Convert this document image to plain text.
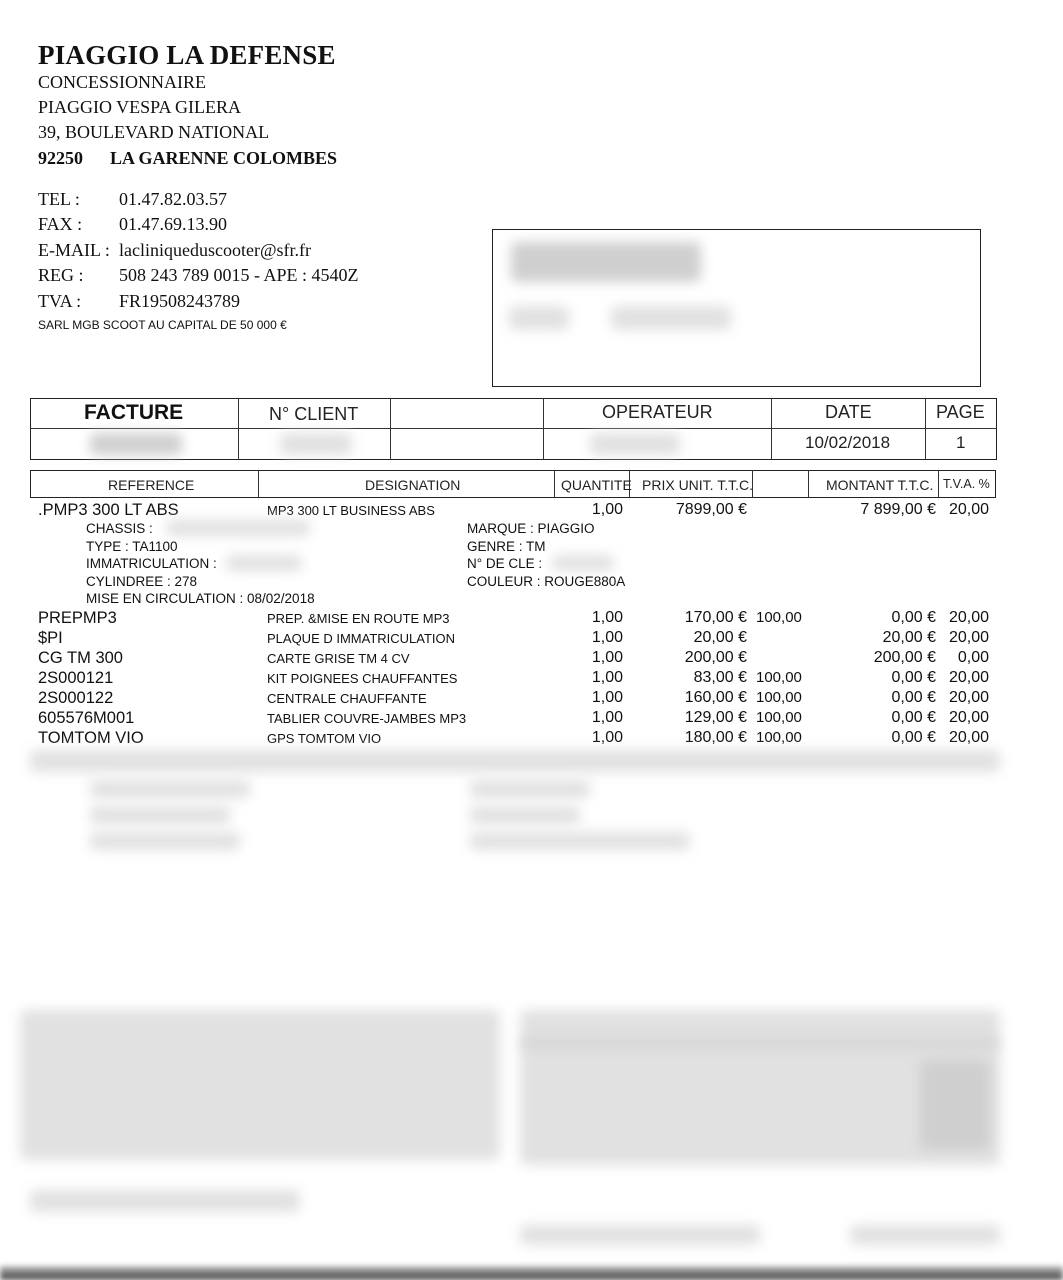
PIAGGIO LA DEFENSE
CONCESSIONNAIRE
PIAGGIO VESPA GILERA
39, BOULEVARD NATIONAL
92250 LA GARENNE COLOMBES
TEL : 01.47.82.03.57
FAX : 01.47.69.13.90
E-MAIL : lacliniqueduscooter@sfr.fr
REG : 508 243 789 0015 - APE : 4540Z
TVA : FR19508243789
SARL MGB SCOOT AU CAPITAL DE 50 000 €
FACTURE	N° CLIENT	OPERATEUR	DATE	PAGE
10/02/2018	1
REFERENCE	DESIGNATION	QUANTITE PRIX UNIT. T.T.C.	MONTANT T.T.C. T.V.A. %
.PMP3 300 LT ABS	MP3 300 LT BUSINESS ABS	1,00	7899,00 €	7 899,00 € 20,00
CHASSIS :
TYPE : TA1100
IMMATRICULATION :
CYLINDREE : 278
MISE EN CIRCULATION : 08/02/2018
MARQUE : PIAGGIO
GENRE : TM
N° DE CLE :
COULEUR : ROUGE880A
PREPMP3	PREP. &MISE EN ROUTE MP3	1,00	170,00 € 100,00	0,00 € 20,00
$PI	PLAQUE D IMMATRICULATION	1,00	20,00 €	20,00 € 20,00
CG TM 300	CARTE GRISE TM 4 CV	1,00	200,00 €	200,00 € 0,00
2S000121	KIT POIGNEES CHAUFFANTES	1,00	83,00 € 100,00	0,00 € 20,00
2S000122	CENTRALE CHAUFFANTE	1,00	160,00 € 100,00	0,00 € 20,00
605576M001	TABLIER COUVRE-JAMBES MP3	1,00	129,00 € 100,00	0,00 € 20,00
TOMTOM VIO	GPS TOMTOM VIO	1,00	180,00 € 100,00	0,00 € 20,00
